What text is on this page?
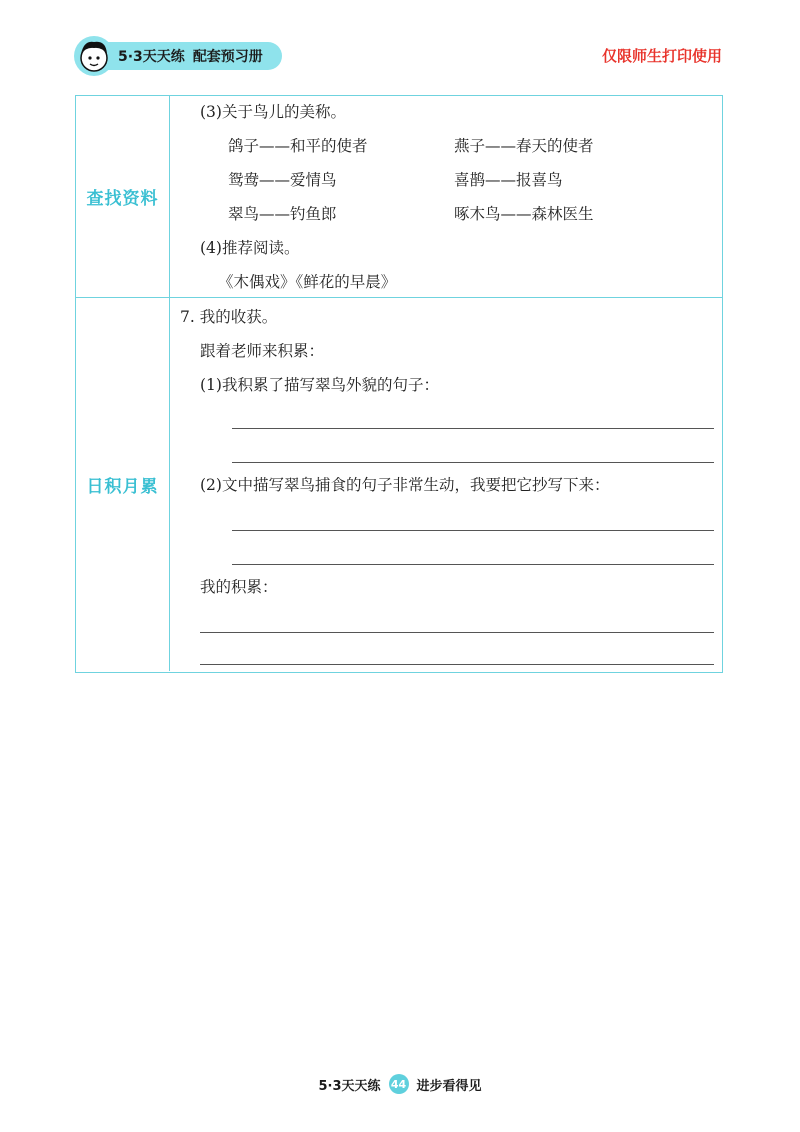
5·3天天练 配套预习册	仅限师生打印使用
查找资料
(3)关于鸟儿的美称。
鸽子——和平的使者	燕子——春天的使者
鸳鸯——爱情鸟	喜鹊——报喜鸟
翠鸟——钓鱼郎	啄木鸟——森林医生
(4)推荐阅读。
《木偶戏》《鲜花的早晨》
日积月累
7. 我的收获。
跟着老师来积累：
(1)我积累了描写翠鸟外貌的句子：
(2)文中描写翠鸟捕食的句子非常生动，我要把它抄写下来：
我的积累：
5·3天天练 44 进步看得见
